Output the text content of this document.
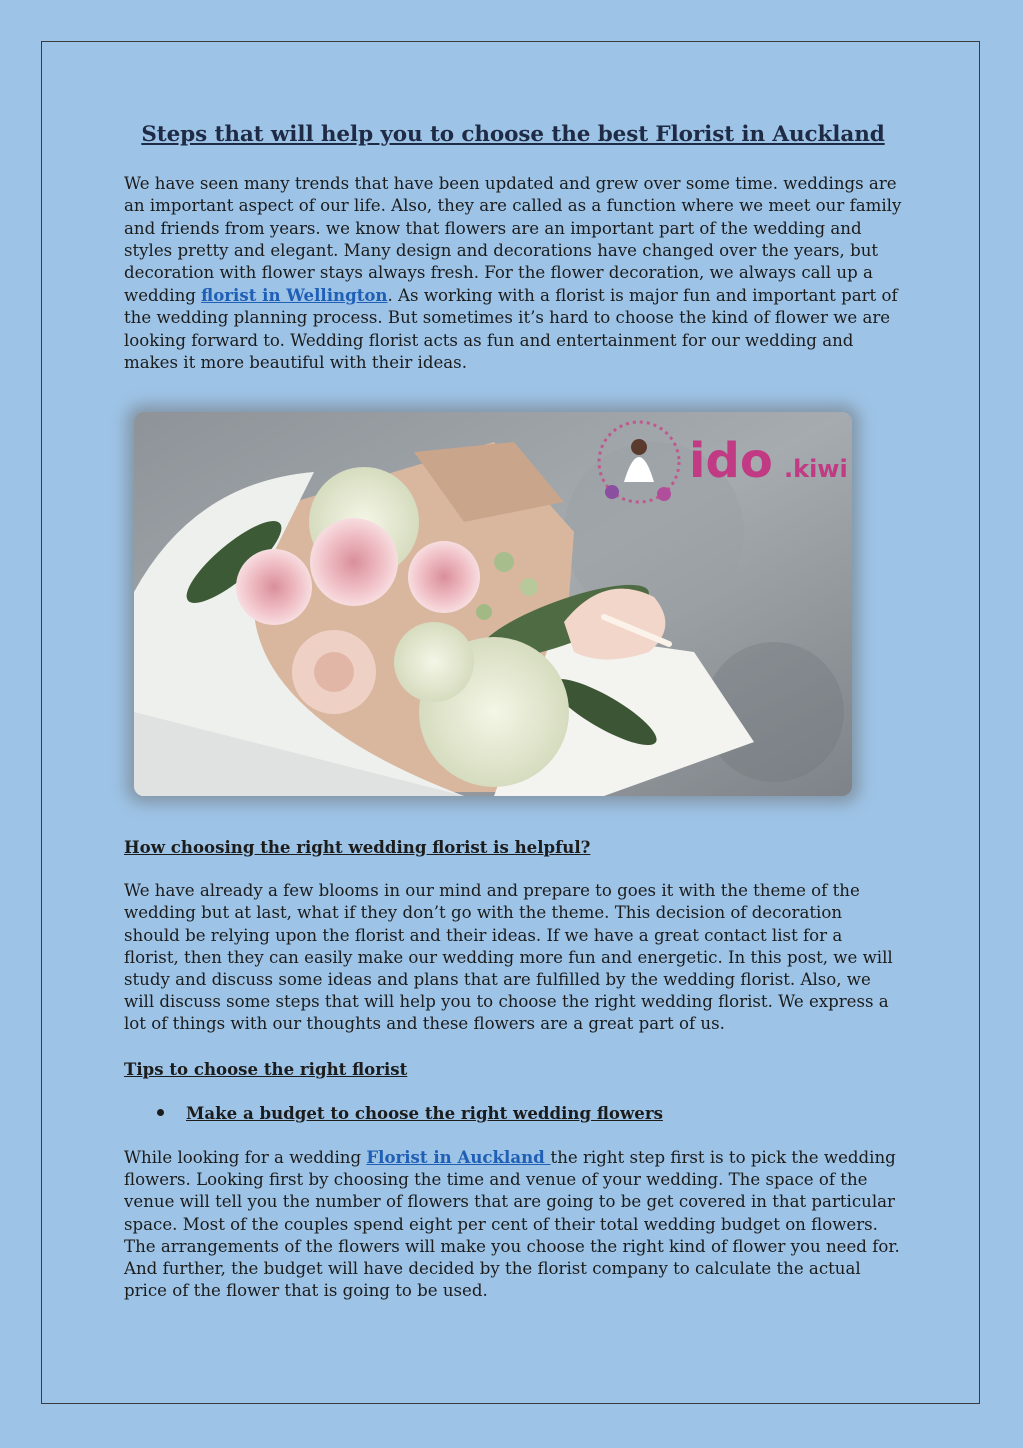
Steps that will help you to choose the best Florist in Auckland

We have seen many trends that have been updated and grew over some time. weddings are an important aspect of our life. Also, they are called as a function where we meet our family and friends from years. we know that flowers are an important part of the wedding and styles pretty and elegant. Many design and decorations have changed over the years, but decoration with flower stays always fresh. For the flower decoration, we always call up a wedding florist in Wellington. As working with a florist is major fun and important part of the wedding planning process. But sometimes it’s hard to choose the kind of flower we are looking forward to. Wedding florist acts as fun and entertainment for our wedding and makes it more beautiful with their ideas.

ido .kiwi

How choosing the right wedding florist is helpful?

We have already a few blooms in our mind and prepare to goes it with the theme of the wedding but at last, what if they don’t go with the theme. This decision of decoration should be relying upon the florist and their ideas. If we have a great contact list for a florist, then they can easily make our wedding more fun and energetic. In this post, we will study and discuss some ideas and plans that are fulfilled by the wedding florist. Also, we will discuss some steps that will help you to choose the right wedding florist. We express a lot of things with our thoughts and these flowers are a great part of us.

Tips to choose the right florist

Make a budget to choose the right wedding flowers

While looking for a wedding Florist in Auckland the right step first is to pick the wedding flowers. Looking first by choosing the time and venue of your wedding. The space of the venue will tell you the number of flowers that are going to be get covered in that particular space. Most of the couples spend eight per cent of their total wedding budget on flowers. The arrangements of the flowers will make you choose the right kind of flower you need for. And further, the budget will have decided by the florist company to calculate the actual price of the flower that is going to be used.
